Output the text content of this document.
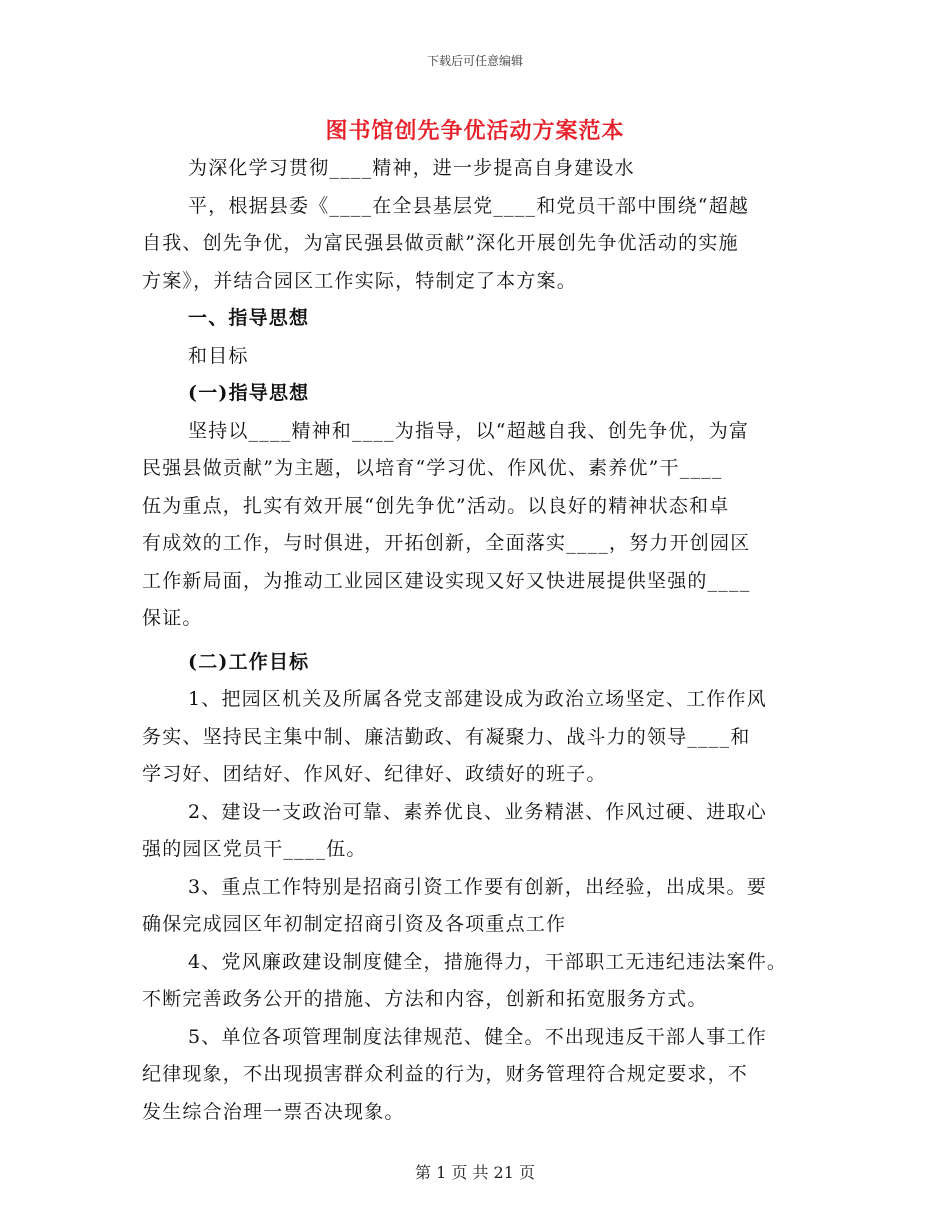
下载后可任意编辑
图书馆创先争优活动方案范本
为深化学习贯彻____精神，进一步提高自身建设水
平，根据县委《____在全县基层党____和党员干部中围绕“超越
自我、创先争优，为富民强县做贡献”深化开展创先争优活动的实施
方案》，并结合园区工作实际，特制定了本方案。
一、指导思想
和目标
(一)指导思想
坚持以____精神和____为指导，以“超越自我、创先争优，为富
民强县做贡献”为主题，以培育“学习优、作风优、素养优”干____
伍为重点，扎实有效开展“创先争优”活动。以良好的精神状态和卓
有成效的工作，与时俱进，开拓创新，全面落实____，努力开创园区
工作新局面，为推动工业园区建设实现又好又快进展提供坚强的____
保证。
(二)工作目标
1、把园区机关及所属各党支部建设成为政治立场坚定、工作作风
务实、坚持民主集中制、廉洁勤政、有凝聚力、战斗力的领导____和
学习好、团结好、作风好、纪律好、政绩好的班子。
2、建设一支政治可靠、素养优良、业务精湛、作风过硬、进取心
强的园区党员干____伍。
3、重点工作特别是招商引资工作要有创新，出经验，出成果。要
确保完成园区年初制定招商引资及各项重点工作
4、党风廉政建设制度健全，措施得力，干部职工无违纪违法案件。
不断完善政务公开的措施、方法和内容，创新和拓宽服务方式。
5、单位各项管理制度法律规范、健全。不出现违反干部人事工作
纪律现象，不出现损害群众利益的行为，财务管理符合规定要求，不
发生综合治理一票否决现象。
第 1 页 共 21 页
